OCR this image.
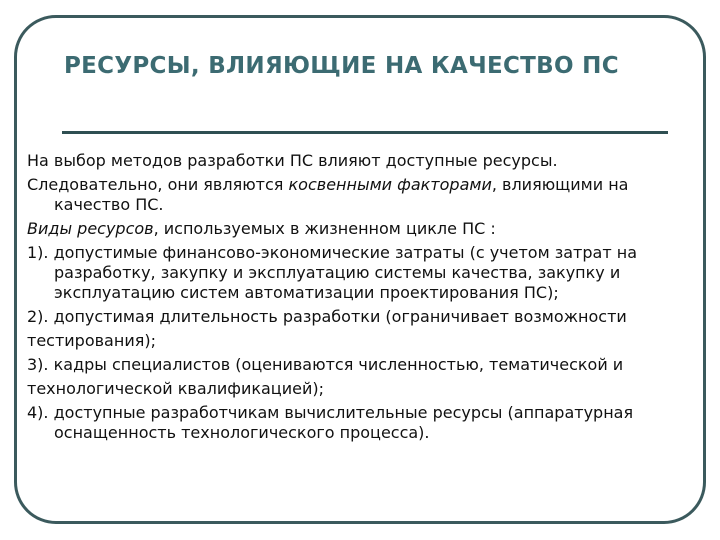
РЕСУРСЫ, ВЛИЯЮЩИЕ НА КАЧЕСТВО ПС

На выбор методов разработки ПС влияют доступные ресурсы.

Следовательно, они являются косвенными факторами, влияющими на качество ПС.

Виды ресурсов, используемых в жизненном цикле ПС :

1). допустимые финансово-экономические затраты (с учетом затрат на разработку, закупку и эксплуатацию системы качества, закупку и эксплуатацию систем автоматизации проектирования ПС);

2). допустимая длительность разработки (ограничивает возможности

тестирования);

3). кадры специалистов (оцениваются численностью, тематической и

технологической квалификацией);

4). доступные разработчикам вычислительные ресурсы (аппаратурная оснащенность технологического процесса).
